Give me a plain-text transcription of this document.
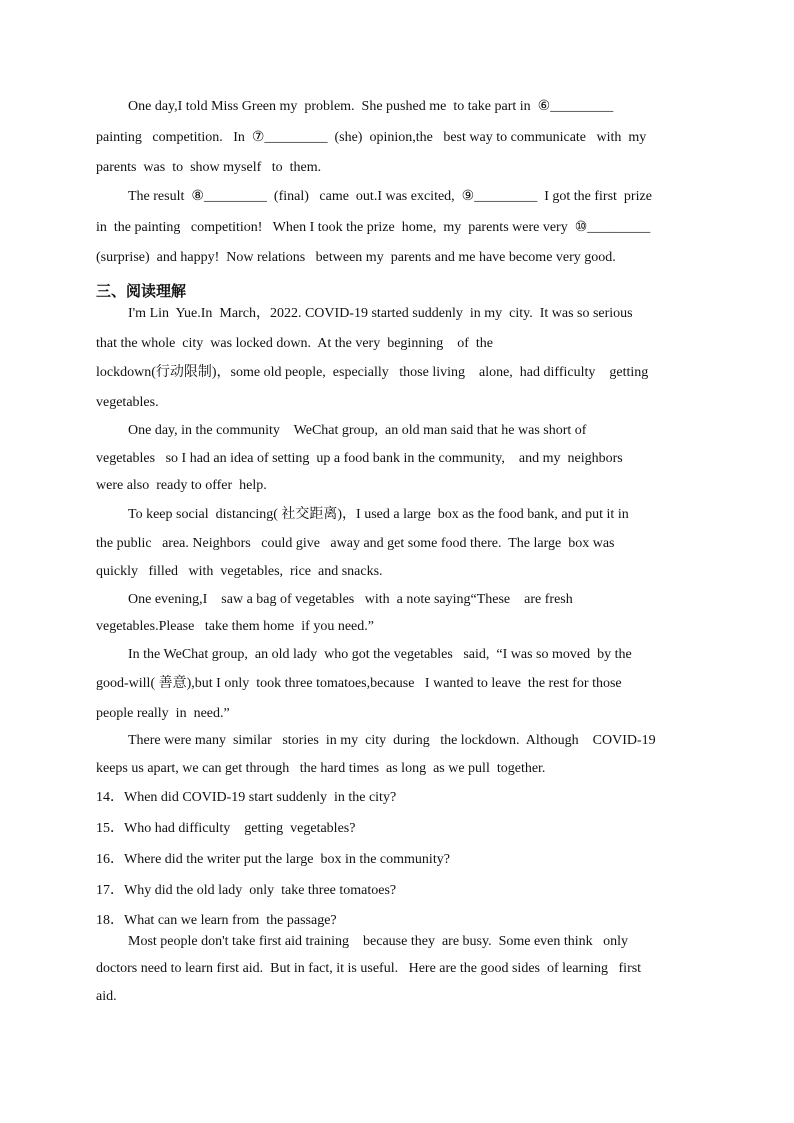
One day,I told Miss Green my  problem.  She pushed me  to take part in  ⑥_________
painting   competition.   In  ⑦_________  (she)  opinion,the   best way to communicate   with  my
parents  was  to  show myself   to  them.
The result  ⑧_________  (final)   came  out.I was excited,  ⑨_________  I got the first  prize
in  the painting   competition!   When I took the prize  home,  my  parents were very  ⑩_________
(surprise)  and happy!  Now relations   between my  parents and me have become very good.
三、阅读理解
I'm Lin  Yue.In  March，2022. COVID-19 started suddenly  in my  city.  It was so serious
that the whole  city  was locked down.  At the very  beginning    of  the
lockdown(行动限制)，some old people,  especially   those living    alone,  had difficulty    getting
vegetables.
One day, in the community    WeChat group,  an old man said that he was short of
vegetables   so I had an idea of setting  up a food bank in the community,    and my  neighbors
were also  ready to offer  help.
To keep social  distancing( 社交距离)，I used a large  box as the food bank, and put it in
the public   area. Neighbors   could give   away and get some food there.  The large  box was
quickly   filled   with  vegetables,  rice  and snacks.
One evening,I    saw a bag of vegetables   with  a note saying“These    are fresh
vegetables.Please   take them home  if you need.”
In the WeChat group,  an old lady  who got the vegetables   said,  “I was so moved  by the
good-will( 善意),but I only  took three tomatoes,because   I wanted to leave  the rest for those
people really  in  need.”
There were many  similar   stories  in my  city  during   the lockdown.  Although    COVID-19
keeps us apart, we can get through   the hard times  as long  as we pull  together.
14．When did COVID-19 start suddenly  in the city?
15．Who had difficulty    getting  vegetables?
16．Where did the writer put the large  box in the community?
17．Why did the old lady  only  take three tomatoes?
18．What can we learn from  the passage?
Most people don't take first aid training    because they  are busy.  Some even think   only
doctors need to learn first aid.  But in fact, it is useful.   Here are the good sides  of learning   first
aid.
